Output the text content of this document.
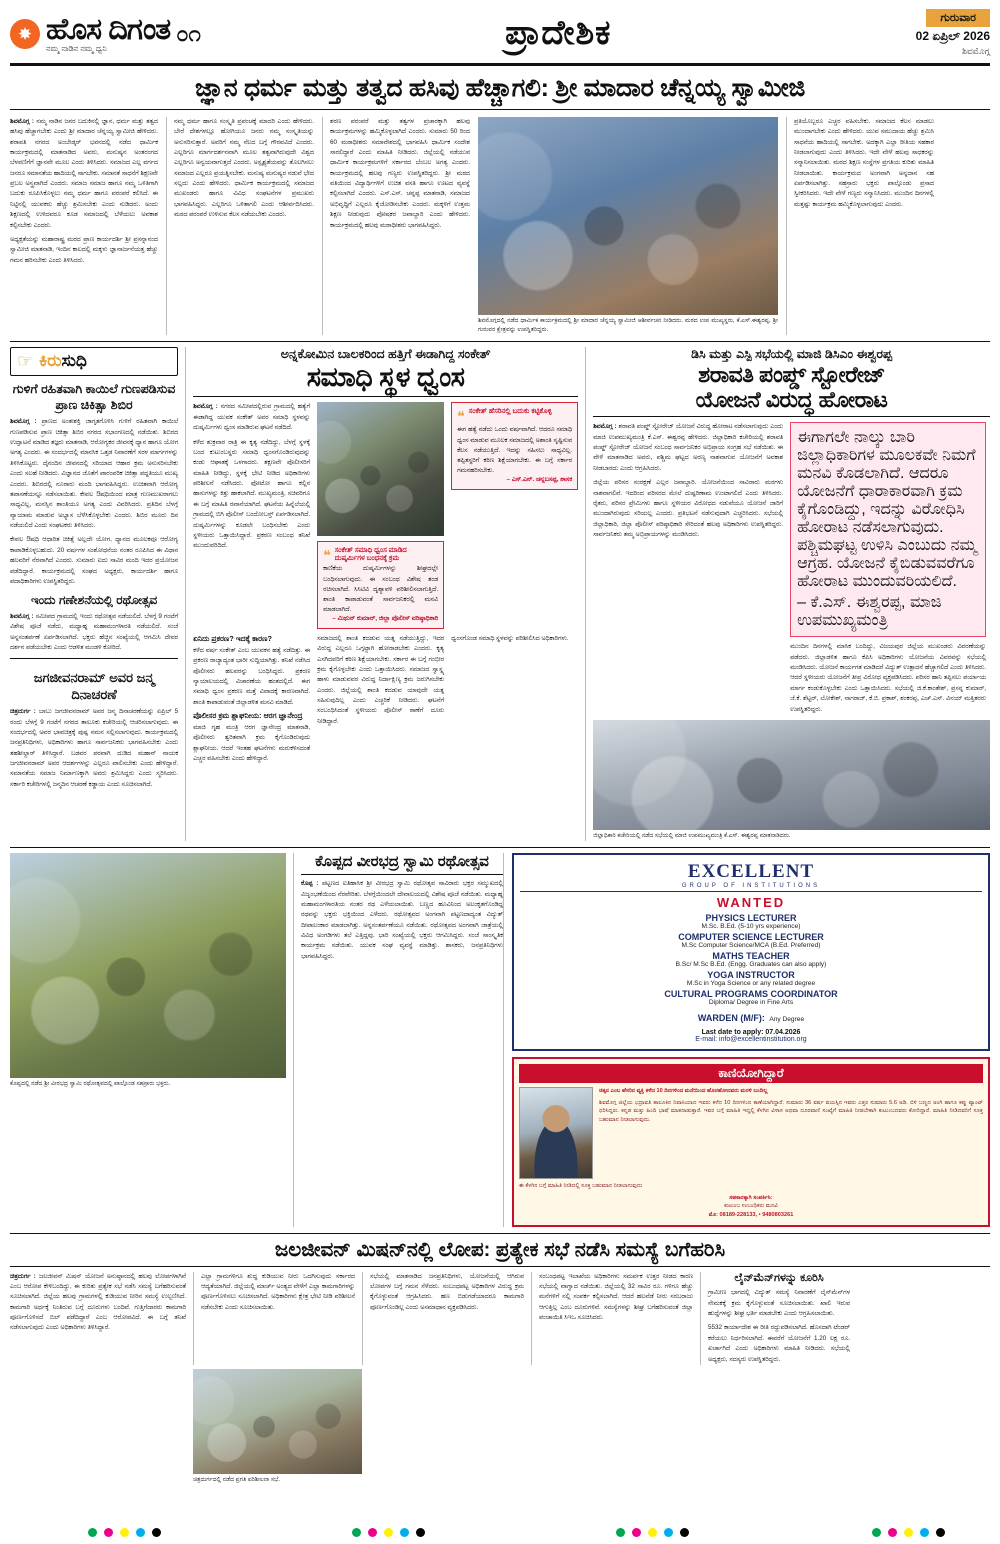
✸ ಹೊಸ ದಿಗಂತ
ನಮ್ಮ ನಾಡಿನ ನಮ್ಮ ಧ್ವನಿ
೦೧	ಪ್ರಾದೇಶಿಕ	ಗುರುವಾರ
02 ಏಪ್ರಿಲ್ 2026
ಶಿವಮೊಗ್ಗ
ಜ್ಞಾನ ಧರ್ಮ ಮತ್ತು ತತ್ವದ ಹಸಿವು ಹೆಚ್ಚಾಗಲಿ: ಶ್ರೀ ಮಾದಾರ ಚೆನ್ನಯ್ಯ ಸ್ವಾಮೀಜಿ
ಶಿವಮೊಗ್ಗ : ನಮ್ಮ ನಾಡಿನ ಜನರ ಬದುಕಿನಲ್ಲಿ ಜ್ಞಾನ, ಧರ್ಮ ಮತ್ತು ತತ್ವದ ಹಸಿವು ಹೆಚ್ಚಾಗಬೇಕು ಎಂದು ಶ್ರೀ ಮಾದಾರ ಚೆನ್ನಯ್ಯ ಸ್ವಾಮೀಜಿ ಹೇಳಿದರು. ಶರಾವತಿ ನಗರದ ಅಂಬೇಡ್ಕರ್ ಭವನದಲ್ಲಿ ನಡೆದ ಧಾರ್ಮಿಕ ಕಾರ್ಯಕ್ರಮದಲ್ಲಿ ಮಾತನಾಡಿದ ಅವರು, ಮನುಷ್ಯನ ಅಂತರಂಗದ ಬೆಳವಣಿಗೆಗೆ ಜ್ಞಾನವೇ ಮೂಲ ಎಂದು ತಿಳಿಸಿದರು. ಸಮಾಜದ ಎಲ್ಲ ವರ್ಗದ ಜನರೂ ಸಮಾನತೆಯ ಹಾದಿಯಲ್ಲಿ ಸಾಗಬೇಕು. ಸಮಾನತೆ ಸಾಧನೆಗೆ ಶಿಕ್ಷಣವೇ ಪ್ರಬಲ ಅಸ್ತ್ರವಾಗಿದೆ ಎಂದರು. ಸಮಾಜ ಸಮಾಜ ಹಾಗೂ ನಮ್ಮ ಒಳಿತಿಗಾಗಿ ಬದುಕು ರೂಪಿಸಿಕೊಳ್ಳಲು ನಮ್ಮ ಧರ್ಮ ಹಾಗೂ ಪರಂಪರೆ ಕಲಿಸಿದೆ. ಈ ನಿಟ್ಟಿನಲ್ಲಿ ಯುವಕರು ಹೆಚ್ಚು ಶ್ರಮಿಸಬೇಕು ಎಂದು ನುಡಿದರು. ಅಂದು ಶಿಕ್ಷಣದಲ್ಲಿ ಉಳಿದವರೂ ಕೂಡ ಸಮಾಜದಲ್ಲಿ ಬೆಳೆಯಲು ಅವಕಾಶ ಕಲ್ಪಿಸಬೇಕು ಎಂದರು.
ಅಧ್ಯಕ್ಷತೆಯನ್ನು ಮಹಾರಾಷ್ಟ್ರ ಮಠದ ಪ್ರಾಣ ಕಾರ್ಯದರ್ಶಿ ಶ್ರೀ ಪ್ರಸನ್ನಾನಂದ ಸ್ವಾಮೀಜಿ ಮಾತನಾಡಿ, ಇಂದಿನ ಕಾಲದಲ್ಲಿ ಮಕ್ಕಳು ಜ್ಞಾನಾರ್ಜನೆಯತ್ತ ಹೆಚ್ಚು ಗಮನ ಹರಿಸಬೇಕು ಎಂದು ತಿಳಿಸಿದರು.
ನಮ್ಮ ಧರ್ಮ ಹಾಗೂ ಸಂಸ್ಕೃತಿ ಪ್ರಪಂಚಕ್ಕೆ ಮಾದರಿ ಎಂದು ಹೇಳಿದರು. ಬೇರೆ ದೇಶಗಳಲ್ಲೂ ಹೋಗಿಯೂ ಜನರು ನಮ್ಮ ಸಂಸ್ಕೃತಿಯನ್ನು ಅನುಸರಿಸುತ್ತಾರೆ. ಅವರಿಗೆ ನಮ್ಮ ನೆಲದ ಬಗ್ಗೆ ಗೌರವವಿದೆ ಎಂದರು. ಎಲ್ಲರಿಗೂ ಮಾರ್ಗದರ್ಶನವಾಗಿ ಮೂಲ ತತ್ವವಾಗಿರುವುದೇ ವಿಶ್ವದ ಎಲ್ಲರಿಗೂ ಅನ್ವಯವಾಗುತ್ತದೆ ಎಂದರು. ಅಸ್ಪೃಶ್ಯತೆಯವನ್ನು ತೊಲಗಿಸಲು ಸಮಾಜದ ಎಲ್ಲರೂ ಪ್ರಯತ್ನಿಸಬೇಕು. ಮನುಷ್ಯ ಮನುಷ್ಯರ ನಡುವೆ ಭೇದ ಸಲ್ಲದು ಎಂದು ಹೇಳಿದರು. ಧಾರ್ಮಿಕ ಕಾರ್ಯಕ್ರಮದಲ್ಲಿ ಸಮಾಜದ ಮುಖಂಡರು ಹಾಗೂ ವಿವಿಧ ಸಂಘಟನೆಗಳ ಪ್ರಮುಖರು ಭಾಗವಹಿಸಿದ್ದರು. ಎಲ್ಲರಿಗೂ ಒಳಿತಾಗಲಿ ಎಂದು ಆಶೀರ್ವದಿಸಿದರು. ಮಠದ ಪರಂಪರೆ ಉಳಿಸುವ ಕೆಲಸ ನಡೆಯಬೇಕು ಎಂದರು.
ಶರಣ ಪರಂಪರೆ ಮತ್ತು ತತ್ವಗಳ ಪ್ರಚಾರಕ್ಕಾಗಿ ಹಲವು ಕಾರ್ಯಕ್ರಮಗಳನ್ನು ಹಮ್ಮಿಕೊಳ್ಳಲಾಗಿದೆ ಎಂದರು. ಸುಮಾರು 50 ರಿಂದ 60 ಮಠಾಧೀಶರು ಸಮಾವೇಶದಲ್ಲಿ ಭಾಗವಹಿಸಿ ಧಾರ್ಮಿಕ ಸಂದೇಶ ಸಾರಲಿದ್ದಾರೆ ಎಂದು ಮಾಹಿತಿ ನೀಡಿದರು. ಜಿಲ್ಲೆಯಲ್ಲಿ ನಡೆಯುವ ಧಾರ್ಮಿಕ ಕಾರ್ಯಕ್ರಮಗಳಿಗೆ ಸರ್ಕಾರದ ಬೆಂಬಲ ಅಗತ್ಯ ಎಂದರು. ಕಾರ್ಯಕ್ರಮದಲ್ಲಿ ಹಲವು ಗಣ್ಯರು ಉಪಸ್ಥಿತರಿದ್ದರು. ಶ್ರೀ ಮಠದ ವತಿಯಿಂದ ವಿದ್ಯಾರ್ಥಿಗಳಿಗೆ ಉಚಿತ ವಸತಿ ಹಾಗೂ ಊಟದ ವ್ಯವಸ್ಥೆ ಕಲ್ಪಿಸಲಾಗಿದೆ ಎಂದರು. ಎಸ್.ಎಸ್. ಚನ್ನಪ್ಪ ಮಾತನಾಡಿ, ಸಮಾಜದ ಅಭಿವೃದ್ಧಿಗೆ ಎಲ್ಲರೂ ಕೈಜೋಡಿಸಬೇಕು ಎಂದರು. ಮಕ್ಕಳಿಗೆ ಉತ್ತಮ ಶಿಕ್ಷಣ ನೀಡುವುದು ಪೋಷಕರ ಜವಾಬ್ದಾರಿ ಎಂದು ಹೇಳಿದರು. ಕಾರ್ಯಕ್ರಮದಲ್ಲಿ ಹಲವು ಮಠಾಧೀಶರು ಭಾಗವಹಿಸಿದ್ದರು.
ಶಿವಮೊಗ್ಗದಲ್ಲಿ ನಡೆದ ಧಾರ್ಮಿಕ ಕಾರ್ಯಕ್ರಮದಲ್ಲಿ ಶ್ರೀ ಮಾದಾರ ಚೆನ್ನಯ್ಯ ಸ್ವಾಮೀಜಿ ಆಶೀರ್ವಚನ ನೀಡಿದರು. ಮಠದ ಉಪ ಮುಖ್ಯಸ್ಥರು, ಕೆ.ಎಸ್.ಈಶ್ವರಪ್ಪ, ಶ್ರೀ ಗುರುವರ ಕ್ಷೇತ್ರವನ್ನು ಉಪಸ್ಥಿತರಿದ್ದರು.
ಪ್ರತಿಯೊಬ್ಬರೂ ಎಚ್ಚರ ವಹಿಸಬೇಕು. ಸಮಾಜದ ಕೆಲಸ ಮಾಡಲು ಮುಂದಾಗಬೇಕು ಎಂದು ಹೇಳಿದರು. ಯುವ ಸಮುದಾಯ ಹೆಚ್ಚು ಶ್ರಮಿಸಿ ಸಾಧನೆಯ ಹಾದಿಯಲ್ಲಿ ಸಾಗಬೇಕು. ಅದಕ್ಕಾಗಿ ಎಲ್ಲಾ ರೀತಿಯ ಸಹಕಾರ ನೀಡಲಾಗುವುದು ಎಂದು ತಿಳಿಸಿದರು. ಇದೇ ವೇಳೆ ಹಲವು ಸಾಧಕರನ್ನು ಸನ್ಮಾನಿಸಲಾಯಿತು. ಮಠದ ಶಿಕ್ಷಣ ಸಂಸ್ಥೆಗಳ ಪ್ರಗತಿಯ ಕುರಿತು ಮಾಹಿತಿ ನೀಡಲಾಯಿತು. ಕಾರ್ಯಕ್ರಮದ ಅಂಗವಾಗಿ ಅನ್ನದಾನ ಸಹ ಏರ್ಪಡಿಸಲಾಗಿತ್ತು. ಸಹಸ್ರಾರು ಭಕ್ತರು ಪಾಲ್ಗೊಂಡು ಪ್ರಸಾದ ಸ್ವೀಕರಿಸಿದರು. ಇದೇ ವೇಳೆ ಗಣ್ಯರು ಸನ್ಮಾನಿಸಿದರು. ಮುಂದಿನ ದಿನಗಳಲ್ಲಿ ಮತ್ತಷ್ಟು ಕಾರ್ಯಕ್ರಮ ಹಮ್ಮಿಕೊಳ್ಳಲಾಗುವುದು ಎಂದರು.
☞ ಕಿರುಸುಧಿ
ಗುಳಿಗೆ ರಹಿತವಾಗಿ ಕಾಯಿಲೆ ಗುಣಪಡಿಸುವ ಪ್ರಾಣ ಚಿಕಿತ್ಸಾ ಶಿಬಿರ
ಶಿವಮೊಗ್ಗ : ಪ್ರಾಣದ ಅಂತಃಶಕ್ತಿ ಜಾಗೃತಗೊಳಿಸಿ ಗುಳಿಗೆ ರಹಿತವಾಗಿ ಕಾಯಿಲೆ ಗುಣಪಡಿಸುವ ಪ್ರಾಣ ಚಿಕಿತ್ಸಾ ಶಿಬಿರ ನಗರದ ಸಭಾಂಗಣದಲ್ಲಿ ನಡೆಯಿತು. ಶಿಬಿರದ ಉದ್ಘಾಟನೆ ಮಾಡಿದ ತಜ್ಞರು ಮಾತನಾಡಿ, ಆರೋಗ್ಯಕರ ಜೀವನಕ್ಕೆ ಧ್ಯಾನ ಹಾಗೂ ಯೋಗ ಅಗತ್ಯ ಎಂದರು. ಈ ಸಂದರ್ಭದಲ್ಲಿ ಮಾನಸಿಕ ಒತ್ತಡ ನಿವಾರಣೆಗೆ ಸರಳ ಮಾರ್ಗಗಳನ್ನು ತಿಳಿಸಿಕೊಟ್ಟರು. ದೈನಂದಿನ ಜೀವನದಲ್ಲಿ ಸರಿಯಾದ ಆಹಾರ ಕ್ರಮ ಅನುಸರಿಸಬೇಕು ಎಂದು ಸಲಹೆ ನೀಡಿದರು. ವಿಜ್ಞಾನದ ಜೊತೆಗೆ ಪಾರಂಪರಿಕ ಚಿಕಿತ್ಸಾ ಪದ್ಧತಿಯೂ ಮುಖ್ಯ ಎಂದರು. ಶಿಬಿರದಲ್ಲಿ ನೂರಾರು ಮಂದಿ ಭಾಗವಹಿಸಿದ್ದರು. ಉಚಿತವಾಗಿ ಆರೋಗ್ಯ ತಪಾಸಣೆಯನ್ನೂ ನಡೆಸಲಾಯಿತು. ಕೇವಲ ಔಷಧಿಯಿಂದ ಮಾತ್ರ ಗುಣಮುಖರಾಗಲು ಸಾಧ್ಯವಿಲ್ಲ, ಮನಸ್ಸಿನ ಶಾಂತಿಯೂ ಅಗತ್ಯ ಎಂದು ವಿವರಿಸಿದರು. ಪ್ರತಿದಿನ ಬೆಳಗ್ಗೆ ವ್ಯಾಯಾಮ ಮಾಡುವ ಅಭ್ಯಾಸ ಬೆಳೆಸಿಕೊಳ್ಳಬೇಕು ಎಂದರು. ಶಿಬಿರ ಮೂರು ದಿನ ನಡೆಯಲಿದೆ ಎಂದು ಸಂಘಟಕರು ತಿಳಿಸಿದರು.
ಕೇವಲ ಔಷಧಿ ಆಧಾರಿತ ಚಿಕಿತ್ಸೆ ಅಲ್ಲದೇ ಯೋಗ, ಧ್ಯಾನದ ಮೂಲಕವೂ ಆರೋಗ್ಯ ಕಾಪಾಡಿಕೊಳ್ಳಬಹುದು. 20 ವರ್ಷಗಳ ಸಂಶೋಧನೆಯ ನಂತರ ರೂಪಿಸಿದ ಈ ವಿಧಾನ ಹಲವರಿಗೆ ನೆರವಾಗಿದೆ ಎಂದರು. ಸುಮಾರು ಐದು ಸಾವಿರ ಮಂದಿ ಇದರ ಪ್ರಯೋಜನ ಪಡೆದಿದ್ದಾರೆ. ಕಾರ್ಯಕ್ರಮದಲ್ಲಿ ಸಂಘದ ಅಧ್ಯಕ್ಷರು, ಕಾರ್ಯದರ್ಶಿ ಹಾಗೂ ಪದಾಧಿಕಾರಿಗಳು ಉಪಸ್ಥಿತರಿದ್ದರು.
ಇಂದು ಗಣೇಶನೆಯಲ್ಲಿ ರಥೋತ್ಸವ
ಶಿವಮೊಗ್ಗ : ಸಮೀಪದ ಗ್ರಾಮದಲ್ಲಿ ಇಂದು ರಥೋತ್ಸವ ನಡೆಯಲಿದೆ. ಬೆಳಗ್ಗೆ 9 ಗಂಟೆಗೆ ವಿಶೇಷ ಪೂಜೆ ನಡೆದು, ಮಧ್ಯಾಹ್ನ ಮಹಾಮಂಗಳಾರತಿ ನಡೆಯಲಿದೆ. ಸಂಜೆ ಅನ್ನಸಂತರ್ಪಣೆ ಏರ್ಪಡಿಸಲಾಗಿದೆ. ಭಕ್ತರು ಹೆಚ್ಚಿನ ಸಂಖ್ಯೆಯಲ್ಲಿ ಆಗಮಿಸಿ ದೇವರ ದರ್ಶನ ಪಡೆಯಬೇಕು ಎಂದು ಆಡಳಿತ ಮಂಡಳಿ ಕೋರಿದೆ.
ಜಗಜೀವನರಾಮ್ ಅವರ ಜನ್ಮ ದಿನಾಚರಣೆ
ಚಿತ್ರದುರ್ಗ : ಬಾಬು ಜಗಜೀವನರಾಮ್ ಅವರ ಜನ್ಮ ದಿನಾಚರಣೆಯನ್ನು ಏಪ್ರಿಲ್ 5 ರಂದು ಬೆಳಗ್ಗೆ 9 ಗಂಟೆಗೆ ನಗರದ ತಾಲೂಕು ಕಚೇರಿಯಲ್ಲಿ ಆಚರಿಸಲಾಗುವುದು. ಈ ಸಂದರ್ಭದಲ್ಲಿ ಅವರ ಭಾವಚಿತ್ರಕ್ಕೆ ಪುಷ್ಪ ನಮನ ಸಲ್ಲಿಸಲಾಗುವುದು. ಕಾರ್ಯಕ್ರಮದಲ್ಲಿ ಜನಪ್ರತಿನಿಧಿಗಳು, ಅಧಿಕಾರಿಗಳು ಹಾಗೂ ಸಾರ್ವಜನಿಕರು ಭಾಗವಹಿಸಬೇಕು ಎಂದು ತಹಶೀಲ್ದಾರ್ ತಿಳಿಸಿದ್ದಾರೆ. ಬಡವರ ಪರವಾಗಿ ದುಡಿದ ಮಹಾನ್ ನಾಯಕ ಜಗಜೀವನರಾಮ್ ಅವರ ಆದರ್ಶಗಳನ್ನು ಎಲ್ಲರೂ ಪಾಲಿಸಬೇಕು ಎಂದು ಹೇಳಿದ್ದಾರೆ. ಸಮಾನತೆಯ ಸಮಾಜ ನಿರ್ಮಾಣಕ್ಕಾಗಿ ಅವರು ಶ್ರಮಿಸಿದ್ದರು ಎಂದು ಸ್ಮರಿಸಿದರು. ಸರ್ಕಾರಿ ಕಚೇರಿಗಳಲ್ಲಿ ಜನ್ಮದಿನ ಆಚರಣೆ ಕಡ್ಡಾಯ ಎಂದು ಸೂಚಿಸಲಾಗಿದೆ.
ಅನ್ನಕೋಮಿನ ಬಾಲಕರಿಂದ ಹತ್ತಿಗೆ ಈಡಾಗಿದ್ದ ಸಂಕೇತ್
ಸಮಾಧಿ ಸ್ಥಳ ಧ್ವಂಸ
ಶಿವಮೊಗ್ಗ : ನಗರದ ಸಮೀಪದಲ್ಲಿರುವ ಗ್ರಾಮದಲ್ಲಿ ಹತ್ಯೆಗೆ ಈಡಾಗಿದ್ದ ಯುವಕ ಸಂಕೇತ್ ಅವರ ಸಮಾಧಿ ಸ್ಥಳವನ್ನು ದುಷ್ಕರ್ಮಿಗಳು ಧ್ವಂಸ ಮಾಡಿರುವ ಘಟನೆ ನಡೆದಿದೆ.
ಕಳೆದ ಶುಕ್ರವಾರ ರಾತ್ರಿ ಈ ಕೃತ್ಯ ನಡೆದಿದ್ದು, ಬೆಳಗ್ಗೆ ಸ್ಥಳಕ್ಕೆ ಬಂದ ಕುಟುಂಬಸ್ಥರು ಸಮಾಧಿ ಧ್ವಂಸಗೊಂಡಿರುವುದನ್ನು ಕಂಡು ಆಘಾತಕ್ಕೆ ಒಳಗಾದರು. ತಕ್ಷಣವೇ ಪೊಲೀಸರಿಗೆ ಮಾಹಿತಿ ನೀಡಿದ್ದು, ಸ್ಥಳಕ್ಕೆ ಭೇಟಿ ನೀಡಿದ ಅಧಿಕಾರಿಗಳು ಪರಿಶೀಲನೆ ನಡೆಸಿದರು. ಫೋಟೋ ಹಾಗೂ ಕಲ್ಲಿನ ಹಾಸುಗಳನ್ನು ಕಿತ್ತು ಹಾಕಲಾಗಿದೆ. ಮುಖ್ಯಮಂತ್ರಿ, ಸಚಿವರಿಗೂ ಈ ಬಗ್ಗೆ ಮಾಹಿತಿ ರವಾನೆಯಾಗಿದೆ. ಘಟನೆಯ ಹಿನ್ನೆಲೆಯಲ್ಲಿ ಗ್ರಾಮದಲ್ಲಿ ಬಿಗಿ ಪೊಲೀಸ್ ಬಂದೋಬಸ್ತ್ ಏರ್ಪಡಿಸಲಾಗಿದೆ. ದುಷ್ಕರ್ಮಿಗಳನ್ನು ಕೂಡಲೇ ಬಂಧಿಸಬೇಕು ಎಂದು ಸ್ಥಳೀಯರು ಒತ್ತಾಯಿಸಿದ್ದಾರೆ. ಪ್ರಕರಣ ಸಂಬಂಧ ತನಿಖೆ ಮುಂದುವರಿದಿದೆ.
❝ ಸಂಕೇತ್ ಸಮಾಧಿ ಧ್ವಂಸ ಮಾಡಿದ ದುಷ್ಕರ್ಮಿಗಳ ಬಂಧನಕ್ಕೆ ಕ್ರಮ
ಕಾಣಿಕೆಯ ದುಷ್ಕರ್ಮಿಗಳನ್ನು ಶೀಘ್ರದಲ್ಲೇ ಬಂಧಿಸಲಾಗುವುದು. ಈ ಸಂಬಂಧ ವಿಶೇಷ ತಂಡ ರಚಿಸಲಾಗಿದೆ. ಸಿಸಿಟಿವಿ ದೃಶ್ಯಾವಳಿ ಪರಿಶೀಲಿಸಲಾಗುತ್ತಿದೆ. ಶಾಂತಿ ಕಾಪಾಡುವಂತೆ ಸಾರ್ವಜನಿಕರಲ್ಲಿ ಮನವಿ ಮಾಡಲಾಗಿದೆ.
– ಮಿಥುನ್ ಕುಮಾರ್, ಜಿಲ್ಲಾ ಪೊಲೀಸ್ ವರಿಷ್ಠಾಧಿಕಾರಿ
❝ ಸಂಕೇತ್ ಹೆಸರಿನಲ್ಲಿ ಬದುಕು ಕಟ್ಟಿಕೊಳ್ಳಿ
ಈಗ ಹತ್ಯೆ ನಡೆದು ಒಂದು ವರ್ಷವಾಗಿದೆ. ಆದರೂ ಸಮಾಧಿ ಧ್ವಂಸ ಮಾಡುವ ಮೂಲಕ ಸಮಾಜದಲ್ಲಿ ಅಶಾಂತಿ ಸೃಷ್ಟಿಸುವ ಕೆಲಸ ನಡೆಯುತ್ತಿದೆ. ಇದನ್ನು ಸಹಿಸಲು ಸಾಧ್ಯವಿಲ್ಲ. ತಪ್ಪಿತಸ್ಥರಿಗೆ ಕಠಿಣ ಶಿಕ್ಷೆಯಾಗಬೇಕು. ಈ ಬಗ್ಗೆ ಸರ್ಕಾರ ಗಮನಹರಿಸಬೇಕು.
– ಎಸ್.ಎನ್. ಚನ್ನಬಸಪ್ಪ, ಶಾಸಕ
ಏನಿದು ಪ್ರಕರಣ? ಇದಕ್ಕೆ ಕಾರಣ?
ಕಳೆದ ವರ್ಷ ಸಂಕೇತ್ ಎಂಬ ಯುವಕನ ಹತ್ಯೆ ನಡೆದಿತ್ತು. ಈ ಪ್ರಕರಣ ರಾಜ್ಯಾದ್ಯಂತ ಭಾರೀ ಸುದ್ದಿಯಾಗಿತ್ತು. ತನಿಖೆ ನಡೆಸಿದ ಪೊಲೀಸರು ಹಲವರನ್ನು ಬಂಧಿಸಿದ್ದರು. ಪ್ರಕರಣ ನ್ಯಾಯಾಲಯದಲ್ಲಿ ವಿಚಾರಣೆಯ ಹಂತದಲ್ಲಿದೆ. ಈಗ ಸಮಾಧಿ ಧ್ವಂಸ ಪ್ರಕರಣ ಮತ್ತೆ ವಿವಾದಕ್ಕೆ ಕಾರಣವಾಗಿದೆ. ಶಾಂತಿ ಕಾಪಾಡುವಂತೆ ಜಿಲ್ಲಾಡಳಿತ ಮನವಿ ಮಾಡಿದೆ.
ಪೊಲೀಸರ ಕ್ರಮ ಶ್ಲಾಘನೀಯ: ಆರಗ ಜ್ಞಾನೇಂದ್ರ
ಮಾಜಿ ಗೃಹ ಮಂತ್ರಿ ಆರಗ ಜ್ಞಾನೇಂದ್ರ ಮಾತನಾಡಿ, ಪೊಲೀಸರು ತ್ವರಿತವಾಗಿ ಕ್ರಮ ಕೈಗೊಂಡಿರುವುದು ಶ್ಲಾಘನೀಯ. ಆದರೆ ಇಂತಹ ಘಟನೆಗಳು ಮರುಕಳಿಸದಂತೆ ಎಚ್ಚರ ವಹಿಸಬೇಕು ಎಂದು ಹೇಳಿದ್ದಾರೆ.
ಸಮಾಜದಲ್ಲಿ ಶಾಂತಿ ಕದಡುವ ಯತ್ನ ನಡೆಯುತ್ತಿದ್ದು, ಇದರ ವಿರುದ್ಧ ಎಲ್ಲರೂ ಒಗ್ಗಟ್ಟಾಗಿ ಹೋರಾಡಬೇಕು ಎಂದರು. ಕೃತ್ಯ ಎಸಗಿದವರಿಗೆ ಕಠಿಣ ಶಿಕ್ಷೆಯಾಗಬೇಕು. ಸರ್ಕಾರ ಈ ಬಗ್ಗೆ ಗಂಭೀರ ಕ್ರಮ ಕೈಗೊಳ್ಳಬೇಕು ಎಂದು ಒತ್ತಾಯಿಸಿದರು. ಸಮಾಜದ ಸ್ವಾಸ್ಥ್ಯ ಹಾಳು ಮಾಡುವವರ ವಿರುದ್ಧ ನಿರ್ದಾಕ್ಷಿಣ್ಯ ಕ್ರಮ ಜರುಗಿಸಬೇಕು ಎಂದರು. ಜಿಲ್ಲೆಯಲ್ಲಿ ಶಾಂತಿ ಕದಡುವ ಯಾವುದೇ ಯತ್ನ ಸಹಿಸುವುದಿಲ್ಲ ಎಂದು ಎಚ್ಚರಿಕೆ ನೀಡಿದರು. ಘಟನೆಗೆ ಸಂಬಂಧಿಸಿದಂತೆ ಸ್ಥಳೀಯರು ಪೊಲೀಸ್ ಠಾಣೆಗೆ ದೂರು ನೀಡಿದ್ದಾರೆ.
ಧ್ವಂಸಗೊಂಡ ಸಮಾಧಿ ಸ್ಥಳವನ್ನು ಪರಿಶೀಲಿಸಿದ ಅಧಿಕಾರಿಗಳು.
ಡಿಸಿ ಮತ್ತು ಎಸ್ಪಿ ಸಭೆಯಲ್ಲಿ ಮಾಜಿ ಡಿಸಿಎಂ ಈಶ್ವರಪ್ಪ
ಶರಾವತಿ ಪಂಪ್ಡ್ ಸ್ಟೋರೇಜ್
ಯೋಜನೆ ವಿರುದ್ಧ ಹೋರಾಟ
ಶಿವಮೊಗ್ಗ : ಶರಾವತಿ ಪಂಪ್ಡ್ ಸ್ಟೋರೇಜ್ ಯೋಜನೆ ವಿರುದ್ಧ ಹೋರಾಟ ನಡೆಸಲಾಗುವುದು ಎಂದು ಮಾಜಿ ಉಪಮುಖ್ಯಮಂತ್ರಿ ಕೆ.ಎಸ್. ಈಶ್ವರಪ್ಪ ಹೇಳಿದರು. ಜಿಲ್ಲಾಧಿಕಾರಿ ಕಚೇರಿಯಲ್ಲಿ ಶರಾವತಿ ಪಂಪ್ಡ್ ಸ್ಟೋರೇಜ್ ಯೋಜನೆ ಸಂಬಂಧ ಸಾರ್ವಜನಿಕರ ಅಭಿಪ್ರಾಯ ಸಂಗ್ರಹ ಸಭೆ ನಡೆಯಿತು. ಈ ವೇಳೆ ಮಾತನಾಡಿದ ಅವರು, ಪಶ್ಚಿಮ ಘಟ್ಟದ ಅರಣ್ಯ ನಾಶವಾಗುವ ಯೋಜನೆಗೆ ಅವಕಾಶ ನೀಡಬಾರದು ಎಂದು ಆಗ್ರಹಿಸಿದರು.
ಜಿಲ್ಲೆಯ ಪರಿಸರ ಸಂರಕ್ಷಣೆ ಎಲ್ಲರ ಜವಾಬ್ದಾರಿ. ಯೋಜನೆಯಿಂದ ಸಾವಿರಾರು ಮರಗಳು ನಾಶವಾಗಲಿವೆ. ಇದರಿಂದ ಪರಿಸರದ ಮೇಲೆ ದುಷ್ಪರಿಣಾಮ ಉಂಟಾಗಲಿದೆ ಎಂದು ತಿಳಿಸಿದರು. ರೈತರು, ಪರಿಸರ ಪ್ರೇಮಿಗಳು ಹಾಗೂ ಸ್ಥಳೀಯರ ವಿರೋಧದ ನಡುವೆಯೂ ಯೋಜನೆ ಜಾರಿಗೆ ಮುಂದಾಗಿರುವುದು ಸರಿಯಲ್ಲ ಎಂದರು. ಪ್ರತಿಭಟನೆ ನಡೆಸುವುದಾಗಿ ಎಚ್ಚರಿಸಿದರು. ಸಭೆಯಲ್ಲಿ ಜಿಲ್ಲಾಧಿಕಾರಿ, ಜಿಲ್ಲಾ ಪೊಲೀಸ್ ವರಿಷ್ಠಾಧಿಕಾರಿ ಸೇರಿದಂತೆ ಹಲವು ಅಧಿಕಾರಿಗಳು ಉಪಸ್ಥಿತರಿದ್ದರು. ಸಾರ್ವಜನಿಕರು ತಮ್ಮ ಅಭಿಪ್ರಾಯಗಳನ್ನು ಮಂಡಿಸಿದರು.
ಈಗಾಗಲೇ ನಾಲ್ಕು ಬಾರಿ ಜಿಲ್ಲಾಧಿಕಾರಿಗಳ ಮೂಲಕವೇ ನಿಮಗೆ ಮನವಿ ಕೊಡಲಾಗಿದೆ. ಆದರೂ ಯೋಜನೆಗೆ ಧಾರಾಕಾರವಾಗಿ ಕ್ರಮ ಕೈಗೊಂಡಿದ್ದು, ಇದನ್ನು ವಿರೋಧಿಸಿ ಹೋರಾಟ ನಡೆಸಲಾಗುವುದು. ಪಶ್ಚಿಮಘಟ್ಟ ಉಳಿಸಿ ಎಂಬುದು ನಮ್ಮ ಆಗ್ರಹ. ಯೋಜನೆ ಕೈಬಿಡುವವರೆಗೂ ಹೋರಾಟ ಮುಂದುವರಿಯಲಿದೆ.
– ಕೆ.ಎಸ್. ಈಶ್ವರಪ್ಪ, ಮಾಜಿ ಉಪಮುಖ್ಯಮಂತ್ರಿ
ಮುಂದಿನ ದಿನಗಳಲ್ಲಿ ಮಾಸಿಕ ಬಂದಿದ್ದು, ವಿಜಯಪುರ ಜಿಲ್ಲೆಯ ಮುಖಂಡರು ವಿವರಣೆಯನ್ನು ಪಡೆದರು. ಜಿಲ್ಲಾಡಳಿತ ಹಾಗೂ ಕೆಪಿಸಿ ಅಧಿಕಾರಿಗಳು ಯೋಜನೆಯ ವಿವರವನ್ನು ಸಭೆಯಲ್ಲಿ ಮಂಡಿಸಿದರು. ಯೋಜನೆ ಕಾರ್ಯಗತ ಮಾಡಿದರೆ ವಿದ್ಯುತ್ ಉತ್ಪಾದನೆ ಹೆಚ್ಚಾಗಲಿದೆ ಎಂದು ತಿಳಿಸಿದರು. ಆದರೆ ಸ್ಥಳೀಯರು ಯೋಜನೆಗೆ ತೀವ್ರ ವಿರೋಧ ವ್ಯಕ್ತಪಡಿಸಿದರು. ಪರಿಸರ ಹಾನಿ ತಪ್ಪಿಸಲು ಪರ್ಯಾಯ ಮಾರ್ಗ ಕಂಡುಕೊಳ್ಳಬೇಕು ಎಂದು ಒತ್ತಾಯಿಸಿದರು. ಸಭೆಯಲ್ಲಿ ಜಿ.ಕೆ.ಕಾಂತೇಶ್, ಪ್ರಸನ್ನ ಕುಮಾರ್, ಜೆ.ಕೆ. ಶೆಟ್ಟರ್, ಲೋಕೇಶ್, ನಾಗರಾಜ್, ಕೆ.ಬಿ. ಪ್ರಕಾಶ್, ಶಂಕರಪ್ಪ, ಎಚ್.ಎಸ್. ವಿನಯ್ ಮತ್ತಿತರರು ಉಪಸ್ಥಿತರಿದ್ದರು.
ಜಿಲ್ಲಾಧಿಕಾರಿ ಕಚೇರಿಯಲ್ಲಿ ನಡೆದ ಸಭೆಯಲ್ಲಿ ಮಾಜಿ ಉಪಮುಖ್ಯಮಂತ್ರಿ ಕೆ.ಎಸ್. ಈಶ್ವರಪ್ಪ ಮಾತನಾಡಿದರು.
ಕೊಪ್ಪದಲ್ಲಿ ನಡೆದ ಶ್ರೀ ವೀರಭದ್ರ ಸ್ವಾಮಿ ರಥೋತ್ಸವದಲ್ಲಿ ಪಾಲ್ಗೊಂಡ ಸಹಸ್ರಾರು ಭಕ್ತರು.
ಕೊಪ್ಪದ ವೀರಭದ್ರ ಸ್ವಾಮಿ ರಥೋತ್ಸವ
ಕೊಪ್ಪ : ಪಟ್ಟಣದ ಐತಿಹಾಸಿಕ ಶ್ರೀ ವೀರಭದ್ರ ಸ್ವಾಮಿ ರಥೋತ್ಸವ ಸಾವಿರಾರು ಭಕ್ತರ ಸಮ್ಮುಖದಲ್ಲಿ ವಿಜೃಂಭಣೆಯಿಂದ ನೆರವೇರಿತು. ಬೆಳಗ್ಗೆಯಿಂದಲೇ ದೇವಾಲಯದಲ್ಲಿ ವಿಶೇಷ ಪೂಜೆ ನಡೆಯಿತು. ಮಧ್ಯಾಹ್ನ ಮಹಾಮಂಗಳಾರತಿಯ ನಂತರ ರಥ ಎಳೆಯಲಾಯಿತು. ಬಣ್ಣದ ಹೂವಿನಿಂದ ಅಲಂಕೃತಗೊಂಡಿದ್ದ ರಥವನ್ನು ಭಕ್ತರು ಭಕ್ತಿಯಿಂದ ಎಳೆದರು. ರಥೋತ್ಸವದ ಅಂಗವಾಗಿ ಪಟ್ಟಣದಾದ್ಯಂತ ವಿದ್ಯುತ್ ದೀಪಾಲಂಕಾರ ಮಾಡಲಾಗಿತ್ತು. ಅನ್ನಸಂತರ್ಪಣೆಯೂ ನಡೆಯಿತು. ರಥೋತ್ಸವದ ಅಂಗವಾಗಿ ಜಾತ್ರೆಯಲ್ಲಿ ವಿವಿಧ ಅಂಗಡಿಗಳು ತಲೆ ಎತ್ತಿದ್ದವು. ಭಾರಿ ಸಂಖ್ಯೆಯಲ್ಲಿ ಭಕ್ತರು ಆಗಮಿಸಿದ್ದರು. ಸಂಜೆ ಸಾಂಸ್ಕೃತಿಕ ಕಾರ್ಯಕ್ರಮ ನಡೆಯಿತು. ಯುವಕ ಸಂಘ ವ್ಯವಸ್ಥೆ ಮಾಡಿತ್ತು. ಶಾಸಕರು, ಜನಪ್ರತಿನಿಧಿಗಳು ಭಾಗವಹಿಸಿದ್ದರು.
EXCELLENT
GROUP OF INSTITUTIONS
WANTED
PHYSICS LECTURER
M.Sc. B.Ed. (5-10 yrs experience)
COMPUTER SCIENCE LECTURER
M.Sc Computer Science/MCA (B.Ed. Preferred)
MATHS TEACHER
B.Sc/ M.Sc B.Ed. (Engg. Graduates can also apply)
YOGA INSTRUCTOR
M.Sc in Yoga Science or any related degree
CULTURAL PROGRAMS COORDINATOR
Diploma/ Degree in Fine Arts
WARDEN (M/F): Any Degree
Last date to apply: 07.04.2026
E-mail: info@excellentinstitution.org
ಕಾಣಿಯೋಗಿದ್ದಾರೆ
ಚಿಕ್ಕನ ಎಂಬ ಹೆಸರಿನ ವ್ಯಕ್ತಿ ಕಳೆದ 10 ದಿನಗಳಿಂದ ಮನೆಯಿಂದ ಹೊರಹೋದವರು ಮರಳಿ ಬಂದಿಲ್ಲ
ಶಿವಮೊಗ್ಗ ಜಿಲ್ಲೆಯ ಭದ್ರಾವತಿ ತಾಲೂಕಿನ ನಿವಾಸಿಯಾದ ಇವರು ಕಳೆದ 10 ದಿನಗಳಿಂದ ಕಾಣೆಯಾಗಿದ್ದಾರೆ. ಸುಮಾರು 36 ವರ್ಷ ವಯಸ್ಸಿನ ಇವರು ಎತ್ತರ ಸುಮಾರು 5.6 ಅಡಿ. ಬಿಳಿ ಬಣ್ಣದ ಅಂಗಿ ಹಾಗೂ ಕಪ್ಪು ಪ್ಯಾಂಟ್ ಧರಿಸಿದ್ದರು. ಕನ್ನಡ ಮತ್ತು ಹಿಂದಿ ಭಾಷೆ ಮಾತನಾಡುತ್ತಾರೆ. ಇವರ ಬಗ್ಗೆ ಮಾಹಿತಿ ಇದ್ದಲ್ಲಿ ಕೆಳಗಿನ ವಿಳಾಸ ಅಥವಾ ದೂರವಾಣಿ ಸಂಖ್ಯೆಗೆ ಮಾಹಿತಿ ನೀಡಬೇಕಾಗಿ ಕುಟುಂಬದವರು ಕೋರಿದ್ದಾರೆ. ಮಾಹಿತಿ ನೀಡಿದವರಿಗೆ ಸೂಕ್ತ ಬಹುಮಾನ ನೀಡಲಾಗುವುದು.
ಈ ಕೆಳಗಿನ ಬಗ್ಗೆ ಮಾಹಿತಿ ನೀಡಿದಲ್ಲಿ ಸೂಕ್ತ ಬಹುಮಾನ ನೀಡಲಾಗುವುದು
ಸಹಕಾರಕ್ಕಾಗಿ ಸಂಪರ್ಕಿಸಿ:
ಕುಟುಂಬ ಸಂಬಂಧಿಕರು ಮನವಿ
ಮೊ: 08189-228133, • 9480803261
ಜಲಜೀವನ್ ಮಿಷನ್‌ನಲ್ಲಿ ಲೋಪ: ಪ್ರತ್ಯೇಕ ಸಭೆ ನಡೆಸಿ ಸಮಸ್ಯೆ ಬಗೆಹರಿಸಿ
ಚಿತ್ರದುರ್ಗ : ಜಲಜೀವನ್ ಮಿಷನ್ ಯೋಜನೆ ಅನುಷ್ಠಾನದಲ್ಲಿ ಹಲವು ಲೋಪಗಳಾಗಿವೆ ಎಂಬ ಆರೋಪ ಕೇಳಿಬಂದಿದ್ದು, ಈ ಕುರಿತು ಪ್ರತ್ಯೇಕ ಸಭೆ ನಡೆಸಿ ಸಮಸ್ಯೆ ಬಗೆಹರಿಸುವಂತೆ ಸೂಚಿಸಲಾಗಿದೆ. ಜಿಲ್ಲೆಯ ಹಲವು ಗ್ರಾಮಗಳಲ್ಲಿ ಕುಡಿಯುವ ನೀರಿನ ಸಮಸ್ಯೆ ಉಲ್ಬಣಿಸಿದೆ. ಕಾಮಗಾರಿ ಅರ್ಧಕ್ಕೆ ನಿಂತಿರುವ ಬಗ್ಗೆ ದೂರುಗಳು ಬಂದಿವೆ. ಗುತ್ತಿಗೆದಾರರು ಕಾಮಗಾರಿ ಪೂರ್ಣಗೊಳಿಸದೆ ಬಿಲ್ ಪಡೆದಿದ್ದಾರೆ ಎಂಬ ಆರೋಪವಿದೆ. ಈ ಬಗ್ಗೆ ತನಿಖೆ ನಡೆಸಲಾಗುವುದು ಎಂದು ಅಧಿಕಾರಿಗಳು ತಿಳಿಸಿದ್ದಾರೆ.
ಎಲ್ಲಾ ಗ್ರಾಮಗಳಿಗೂ ಶುದ್ಧ ಕುಡಿಯುವ ನೀರು ಒದಗಿಸುವುದು ಸರ್ಕಾರದ ಆದ್ಯತೆಯಾಗಿದೆ. ಜಿಲ್ಲೆಯಲ್ಲಿ ಮಾರ್ಚ್ ಅಂತ್ಯದ ವೇಳೆಗೆ ಎಲ್ಲಾ ಕಾಮಗಾರಿಗಳನ್ನು ಪೂರ್ಣಗೊಳಿಸಲು ಸೂಚಿಸಲಾಗಿದೆ. ಅಧಿಕಾರಿಗಳು ಕ್ಷೇತ್ರ ಭೇಟಿ ನೀಡಿ ಪರಿಶೀಲನೆ ನಡೆಸಬೇಕು ಎಂದು ಸೂಚಿಸಲಾಯಿತು.
ಸಭೆಯಲ್ಲಿ ಮಾತನಾಡಿದ ಜನಪ್ರತಿನಿಧಿಗಳು, ಯೋಜನೆಯಲ್ಲಿ ಆಗಿರುವ ಲೋಪಗಳ ಬಗ್ಗೆ ಗಮನ ಸೆಳೆದರು. ಸಂಬಂಧಪಟ್ಟ ಅಧಿಕಾರಿಗಳ ವಿರುದ್ಧ ಕ್ರಮ ಕೈಗೊಳ್ಳುವಂತೆ ಆಗ್ರಹಿಸಿದರು. ಹಣ ಬಿಡುಗಡೆಯಾದರೂ ಕಾಮಗಾರಿ ಪೂರ್ಣಗೊಂಡಿಲ್ಲ ಎಂದು ಅಸಮಾಧಾನ ವ್ಯಕ್ತಪಡಿಸಿದರು.
ಸಂಬಂಧಪಟ್ಟ ಇಲಾಖೆಯ ಅಧಿಕಾರಿಗಳು ಸಮರ್ಪಕ ಉತ್ತರ ನೀಡದ ಕಾರಣ ಸಭೆಯಲ್ಲಿ ವಾಗ್ವಾದ ನಡೆಯಿತು. ಜಿಲ್ಲೆಯಲ್ಲಿ 32 ಸಾವಿರ ರೂ. ಗಳಿಗೂ ಹೆಚ್ಚು ಮನೆಗಳಿಗೆ ನಲ್ಲಿ ಸಂಪರ್ಕ ಕಲ್ಪಿಸಲಾಗಿದೆ. ಆದರೆ ಹಲವೆಡೆ ನೀರು ಸರಬರಾಜು ಆಗುತ್ತಿಲ್ಲ ಎಂಬ ದೂರುಗಳಿವೆ. ಸಮಸ್ಯೆಗಳನ್ನು ಶೀಘ್ರ ಬಗೆಹರಿಸುವಂತೆ ಜಿಲ್ಲಾ ಪಂಚಾಯಿತಿ ಸಿಇಒ ಸೂಚಿಸಿದರು.
ಲೈನ್‌ಮೆನ್‌ಗಳನ್ನು ಕೂರಿಸಿ
ಗ್ರಾಮೀಣ ಭಾಗದಲ್ಲಿ ವಿದ್ಯುತ್ ಸಮಸ್ಯೆ ನಿವಾರಣೆಗೆ ಲೈನ್‌ಮೆನ್‌ಗಳ ನೇಮಕಕ್ಕೆ ಕ್ರಮ ಕೈಗೊಳ್ಳುವಂತೆ ಸೂಚಿಸಲಾಯಿತು. ಖಾಲಿ ಇರುವ ಹುದ್ದೆಗಳನ್ನು ಶೀಘ್ರ ಭರ್ತಿ ಮಾಡಬೇಕು ಎಂದು ಆಗ್ರಹಿಸಲಾಯಿತು.
5532 ಕಾರ್ಯಾದೇಶ ಈ ರೀತಿ ರದ್ದುಪಡಿಸಲಾಗಿದೆ. ಹೊಸದಾಗಿ ಟೆಂಡರ್ ಕರೆಯಲು ನಿರ್ಧರಿಸಲಾಗಿದೆ. ಈವರೆಗೆ ಯೋಜನೆಗೆ 1.20 ಲಕ್ಷ ರೂ. ಖರ್ಚಾಗಿದೆ ಎಂದು ಅಧಿಕಾರಿಗಳು ಮಾಹಿತಿ ನೀಡಿದರು. ಸಭೆಯಲ್ಲಿ ಅಧ್ಯಕ್ಷರು, ಸದಸ್ಯರು ಉಪಸ್ಥಿತರಿದ್ದರು.
ಚಿತ್ರದುರ್ಗದಲ್ಲಿ ನಡೆದ ಪ್ರಗತಿ ಪರಿಶೀಲನಾ ಸಭೆ.
